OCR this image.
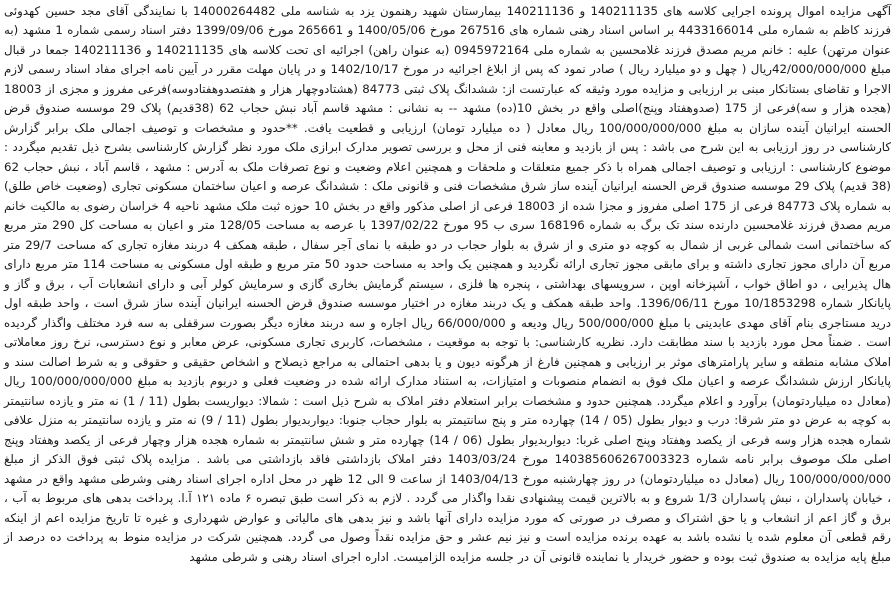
آگهی مزایده اموال پرونده اجرایی کلاسه های 140211135 و 140211136 بیمارستان شهید رهنمون یزد به شناسه ملی 14000264482 با نمایندگی آقای مجد حسین کهدوئی فرزند کاظم به شماره ملی 4433166014 بر اساس اسناد رهنی شماره های 267516 مورخ 1400/05/06 و 265661 مورخ 1399/09/06 دفتر اسناد رسمی شماره 1 مشهد (به عنوان مرتهن) علیه : خانم مریم مصدق فرزند غلامحسین به شماره ملی 0945972164 (به عنوان راهن) اجرائیه ای تحت کلاسه های 140211135 و 140211136 جمعا در قبال مبلغ 42/000/000/000ریال ( چهل و دو میلیارد ریال ) صادر نمود که پس از ابلاغ اجرائیه در مورخ 1402/10/17 و در پایان مهلت مقرر در آیین نامه اجرای مفاد اسناد رسمی لازم الاجرا و تقاضای بستانکار مبنی بر ارزیابی و مزایده مورد وثیقه که عبارتست از: ششدانگ پلاک ثبتی 84773 (هشتادوچهار هزار و هفتصدوهفتادوسه)فرعی مفروز و مجزی از 18003 (هجده هزار و سه)فرعی از 175 (صدوهفتاد وپنج)اصلی واقع در بخش 10(ده) مشهد -- به نشانی : مشهد قاسم آباد نبش حجاب 62 (38قدیم) پلاک 29 موسسه صندوق قرض الحسنه ایرانیان آینده سازان به مبلغ 100/000/000/000 ریال معادل ( ده میلیارد تومان) ارزیابی و قطعیت یافت. **حدود و مشخصات و توصیف اجمالی ملک برابر گزارش کارشناسی در روز ارزیابی به این شرح می باشد : پس از بازدید و معاینه فنی از محل و بررسی تصویر مدارک ابرازی ملک مورد نظر گزارش کارشناسی بشرح ذیل تقدیم میگردد : موضوع کارشناسی : ارزیابی و توصیف اجمالی همراه با ذکر جمیع متعلقات و ملحقات و همچنین اعلام وضعیت و نوع تصرفات ملک به آدرس : مشهد ، قاسم آباد ، نبش حجاب 62 (38 قدیم) پلاک 29 موسسه صندوق قرض الحسنه ایرانیان آینده ساز شرق مشخصات فنی و قانونی ملک : ششدانگ عرصه و اعیان ساختمان مسکونی تجاری (وضعیت خاص طلق) به شماره پلاک 84773 فرعی از 175 اصلی مفروز و مجزا شده از 18003 فرعی از اصلی مذکور واقع در بخش 10 حوزه ثبت ملک مشهد ناحیه 4 خراسان رضوی به مالکیت خانم مریم مصدق فرزند غلامحسین دارنده سند تک برگ به شماره 168196 سری ب 95 مورخ 1397/02/22 با عرصه به مساحت 128/05 متر و اعیان به مساحت کل 290 متر مربع که ساختمانی است شمالی غربی از شمال به کوچه دو متری و از شرق به بلوار حجاب در دو طبقه با نمای آجر سفال ، طبقه همکف 4 دربند مغازه تجاری که مساحت 29/7 متر مربع آن دارای مجوز تجاری داشته و برای مابقی مجوز تجاری ارائه نگردید و همچنین یک واحد به مساحت حدود 50 متر مربع و طبقه اول مسکونی به مساحت 114 متر مربع دارای هال پذیرایی ، دو اطاق خواب ، آشپزخانه اوپن ، سرویسهای بهداشتی ، پنجره ها فلزی ، سیستم گرمایش بخاری گازی و سرمایش کولر آبی و دارای انشعابات آب ، برق و گاز و پایانکار شماره 10/1853298 مورخ 1396/06/11. واحد طبقه همکف و یک دربند مغازه در اختیار موسسه صندوق قرض الحسنه ایرانیان آینده ساز شرق است ، واحد طبقه اول درید مستاجری بنام آقای مهدی عابدینی با مبلغ 500/000/000 ریال ودیعه و 66/000/000 ریال اجاره و سه دربند مغازه دیگر بصورت سرقفلی به سه فرد مختلف واگذار گردیده است . ضمناً محل مورد بازدید با سند مطابقت دارد. نظریه کارشناسی: با توجه به موقعیت ، مشخصات، کاربری تجاری مسکونی، عرض معابر و نوع دسترسی، نرخ روز معاملاتی املاک مشابه منطقه و سایر پارامترهای موثر بر ارزیابی و همچنین فارغ از هرگونه دیون و یا بدهی احتمالی به مراجع ذیصلاح و اشخاص حقیقی و حقوقی و به شرط اصالت سند و پایانکار ارزش ششدانگ عرصه و اعیان ملک فوق به انضمام منصوبات و امتیازات، به استناد مدارک ارائه شده در وضعیت فعلی و دربوم بازدید به مبلغ 100/000/000/000 ریال (معادل ده میلیاردتومان) برآورد و اعلام میگردد. همچنین حدود و مشخصات برابر استعلام دفتر املاک به شرح ذیل است : شمالا: دیواریست بطول (11 / 1) نه متر و یازده سانتیمتر به کوچه به عرض دو متر شرقا: درب و دیوار بطول (05 / 14) چهارده متر و پنج سانتیمتر به بلوار حجاب جنوبا: دیواربدیوار بطول (11 / 9) نه متر و یازده سانتیمتر به منزل علافی شماره هجده هزار وسه فرعی از یکصد وهفتاد وپنج اصلی غربا: دیواربدیوار بطول (06 / 14) چهارده متر و شش سانتیمتر به شماره هجده هزار وچهار فرعی از یکصد وهفتاد وپنج اصلی ملک موصوف برابر نامه شماره 140385606267003323 مورخ 1403/03/24 دفتر املاک بازداشتی فاقد بازداشتی می باشد . مزایده پلاک ثبتی فوق الذکر از مبلغ 100/000/000/000 ریال (معادل ده میلیاردتومان) در روز چهارشنبه مورخ 1403/04/13 از ساعت 9 الی 12 ظهر در محل اداره اجرای اسناد رهنی وشرطی مشهد واقع در مشهد ، خیابان پاسداران ، نبش پاسداران 1/3 شروع و به بالاترین قیمت پیشنهادی نقدا واگذار می گردد . لازم به ذکر است طبق تبصره ۶ ماده ۱۲۱ آ.ا. پرداخت بدهی های مربوط به آب ، برق و گاز اعم از انشعاب و یا حق اشتراک و مصرف در صورتی که مورد مزایده دارای آنها باشد و نیز بدهی های مالیاتی و عوارض شهرداری و غیره تا تاریخ مزایده اعم از اینکه رقم قطعی آن معلوم شده یا نشده باشد به عهده برنده مزایده است و نیز نیم عشر و حق مزایده نقداً وصول می گردد. همچنین شرکت در مزایده منوط به پرداخت ده درصد از مبلغ پایه مزایده به صندوق ثبت بوده و حضور خریدار یا نماینده قانونی آن در جلسه مزایده الزامیست. اداره اجرای اسناد رهنی و شرطی مشهد
